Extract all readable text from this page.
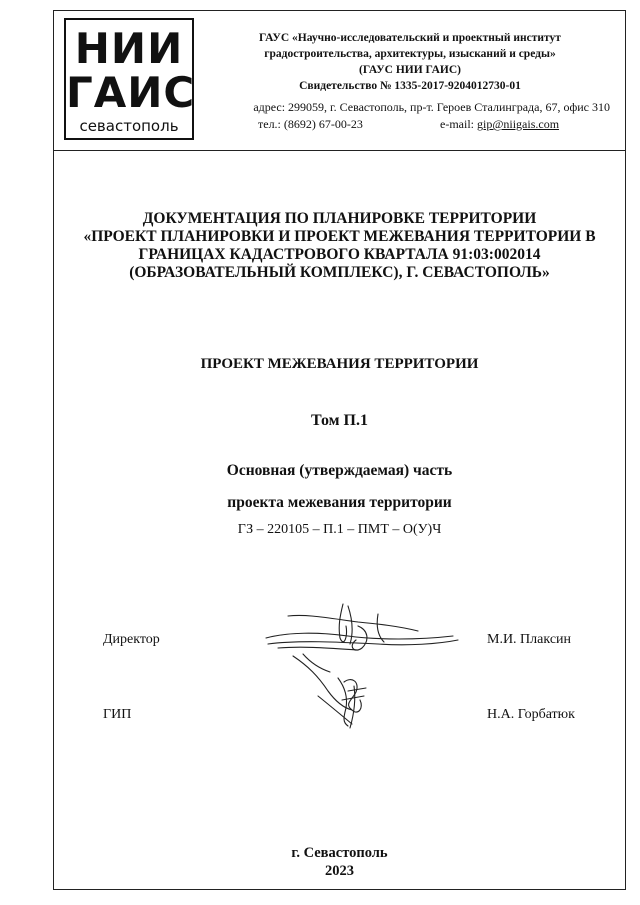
НИИ
ГАИС
севастополь
ГАУС «Научно-исследовательский и проектный институт
градостроительства, архитектуры, изысканий и среды»
(ГАУС НИИ ГАИС)
Свидетельство № 1335-2017-9204012730-01
адрес: 299059, г. Севастополь, пр-т. Героев Сталинграда, 67, офис 310
тел.: (8692) 67-00-23	e-mail: gip@niigais.com
ДОКУМЕНТАЦИЯ ПО ПЛАНИРОВКЕ ТЕРРИТОРИИ
«ПРОЕКТ ПЛАНИРОВКИ И ПРОЕКТ МЕЖЕВАНИЯ ТЕРРИТОРИИ В
ГРАНИЦАХ КАДАСТРОВОГО КВАРТАЛА 91:03:002014
(ОБРАЗОВАТЕЛЬНЫЙ КОМПЛЕКС), Г. СЕВАСТОПОЛЬ»
ПРОЕКТ МЕЖЕВАНИЯ ТЕРРИТОРИИ
Том П.1
Основная (утверждаемая) часть
проекта межевания территории
ГЗ – 220105 – П.1 – ПМТ – О(У)Ч
Директор	М.И. Плаксин
ГИП	Н.А. Горбатюк
г. Севастополь
2023
